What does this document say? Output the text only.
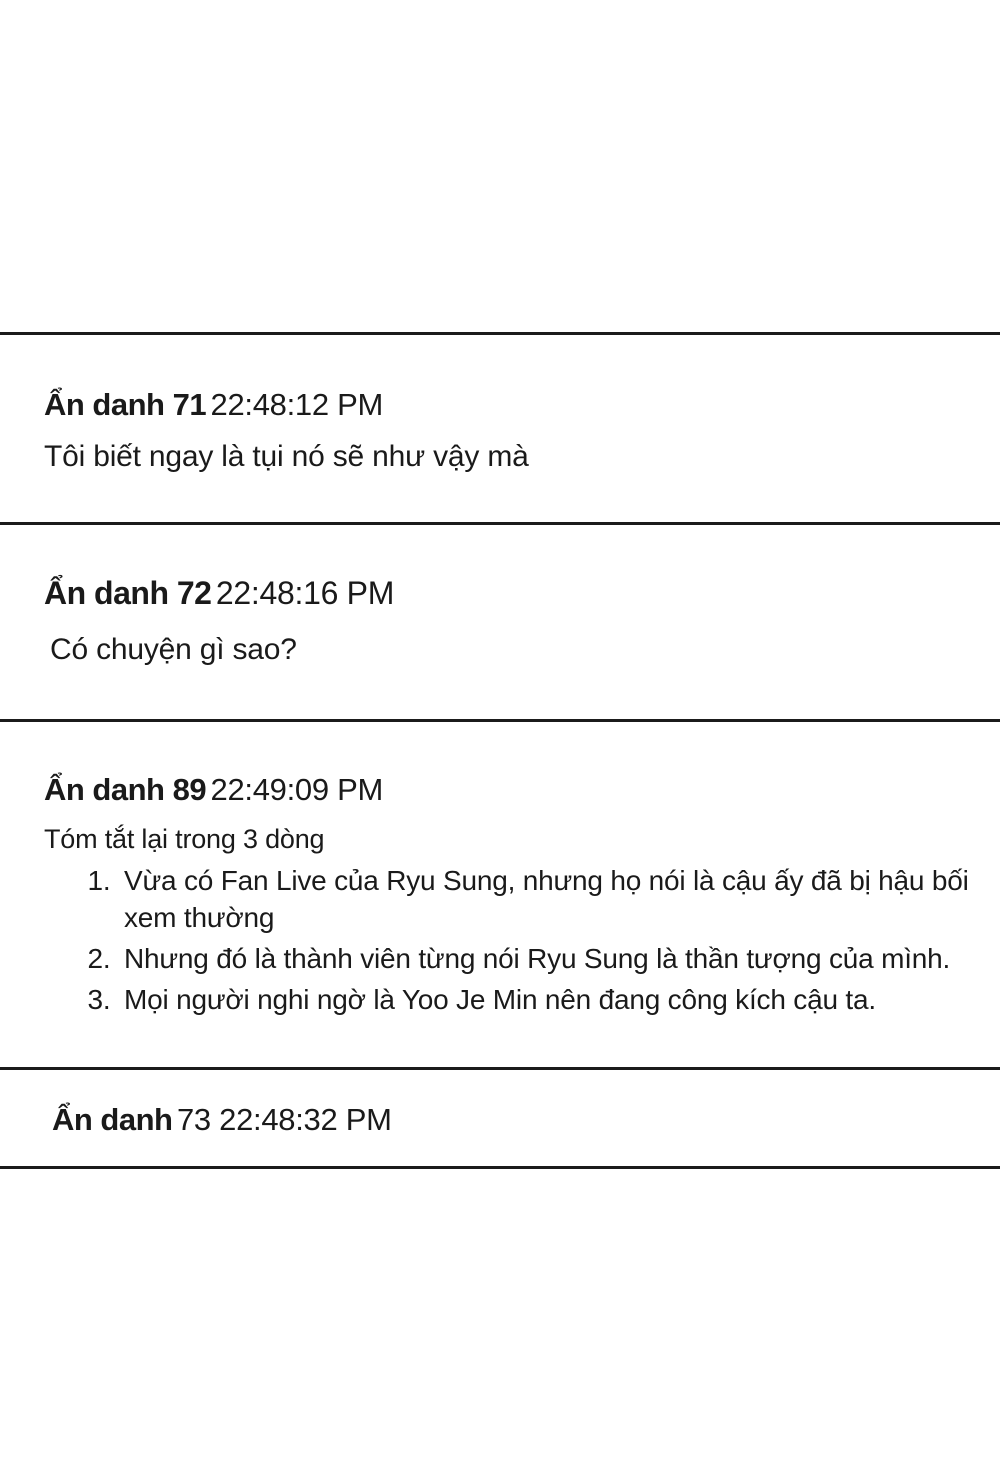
Ẩn danh 71 22:48:12 PM
Tôi biết ngay là tụi nó sẽ như vậy mà
Ẩn danh 72 22:48:16 PM
Có chuyện gì sao?
Ẩn danh 89 22:49:09 PM
Tóm tắt lại trong 3 dòng
1. Vừa có Fan Live của Ryu Sung, nhưng họ nói là cậu ấy đã bị hậu bối xem thường
2. Nhưng đó là thành viên từng nói Ryu Sung là thần tượng của mình.
3. Mọi người nghi ngờ là Yoo Je Min nên đang công kích cậu ta.
Ẩn danh 73 22:48:32 PM
